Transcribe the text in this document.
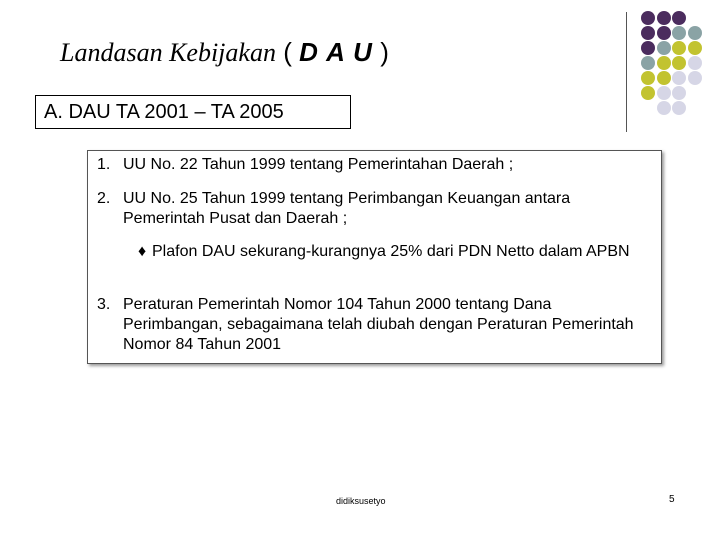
Landasan Kebijakan ( D A U )
A. DAU TA 2001 – TA 2005
1. UU No. 22 Tahun 1999 tentang Pemerintahan Daerah ;
2. UU No. 25 Tahun 1999 tentang Perimbangan Keuangan antara Pemerintah Pusat dan Daerah ;
♦ Plafon DAU sekurang-kurangnya 25% dari PDN Netto dalam APBN
3. Peraturan Pemerintah Nomor 104 Tahun 2000 tentang Dana Perimbangan, sebagaimana telah diubah dengan Peraturan Pemerintah Nomor 84 Tahun 2001
didiksusetyo	5
